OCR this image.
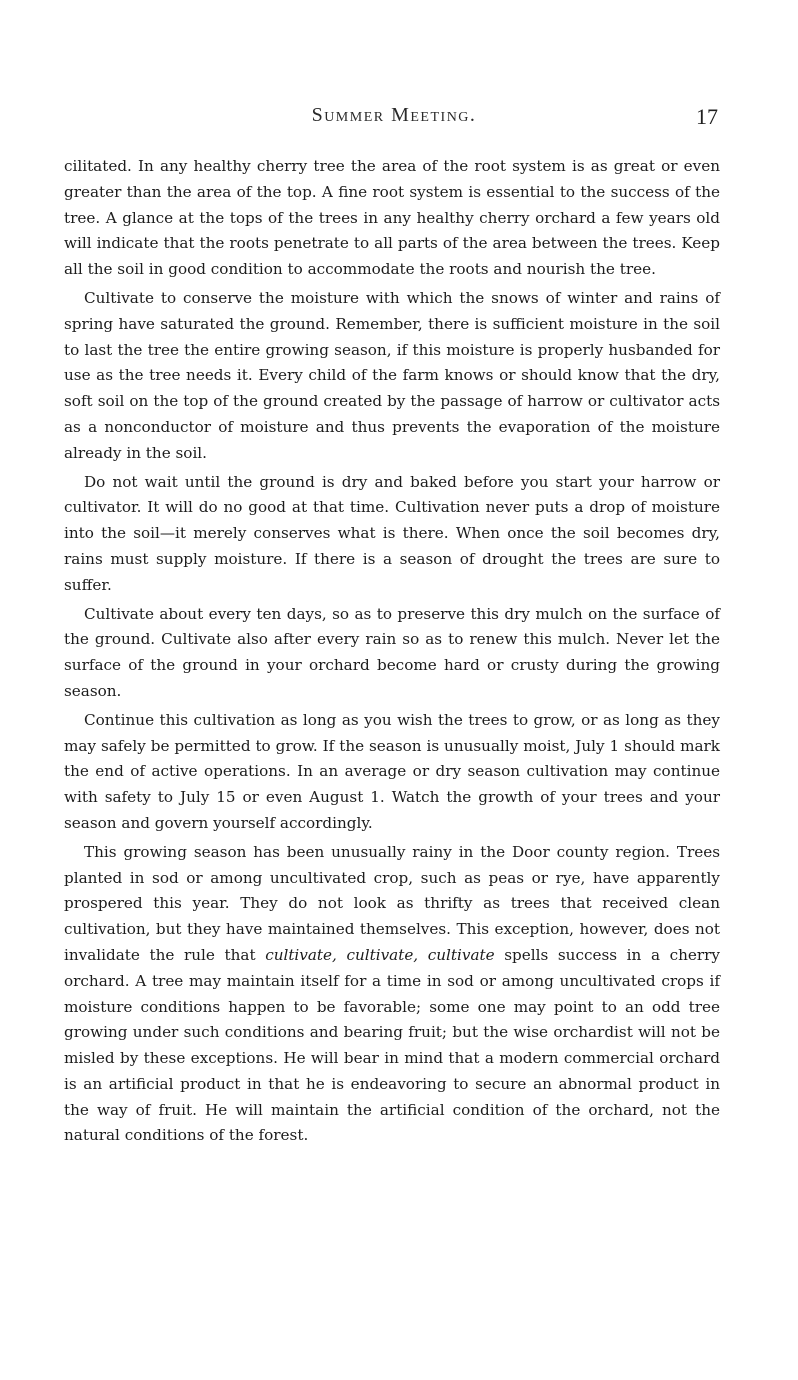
Summer Meeting.	17

cilitated. In any healthy cherry tree the area of the root system is as great or even greater than the area of the top. A fine root system is essential to the success of the tree. A glance at the tops of the trees in any healthy cherry orchard a few years old will indicate that the roots penetrate to all parts of the area between the trees. Keep all the soil in good condition to accommodate the roots and nourish the tree.

Cultivate to conserve the moisture with which the snows of winter and rains of spring have saturated the ground. Remember, there is sufficient moisture in the soil to last the tree the entire growing season, if this moisture is properly husbanded for use as the tree needs it. Every child of the farm knows or should know that the dry, soft soil on the top of the ground created by the passage of harrow or cultivator acts as a nonconductor of moisture and thus prevents the evaporation of the moisture already in the soil.

Do not wait until the ground is dry and baked before you start your harrow or cultivator. It will do no good at that time. Cultivation never puts a drop of moisture into the soil—it merely conserves what is there. When once the soil becomes dry, rains must supply moisture. If there is a season of drought the trees are sure to suffer.

Cultivate about every ten days, so as to preserve this dry mulch on the surface of the ground. Cultivate also after every rain so as to renew this mulch. Never let the surface of the ground in your orchard become hard or crusty during the growing season.

Continue this cultivation as long as you wish the trees to grow, or as long as they may safely be permitted to grow. If the season is unusually moist, July 1 should mark the end of active operations. In an average or dry season cultivation may continue with safety to July 15 or even August 1. Watch the growth of your trees and your season and govern yourself accordingly.

This growing season has been unusually rainy in the Door county region. Trees planted in sod or among uncultivated crop, such as peas or rye, have apparently prospered this year. They do not look as thrifty as trees that received clean cultivation, but they have maintained themselves. This exception, however, does not invalidate the rule that cultivate, cultivate, cultivate spells success in a cherry orchard. A tree may maintain itself for a time in sod or among uncultivated crops if moisture conditions happen to be favorable; some one may point to an odd tree growing under such conditions and bearing fruit; but the wise orchardist will not be misled by these exceptions. He will bear in mind that a modern commercial orchard is an artificial product in that he is endeavoring to secure an abnormal product in the way of fruit. He will maintain the artificial condition of the orchard, not the natural conditions of the forest.
